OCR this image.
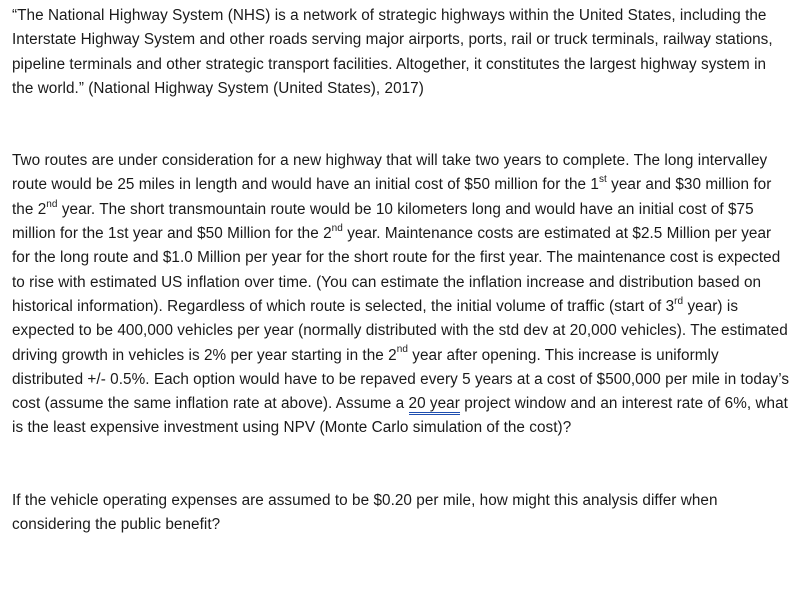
“The National Highway System (NHS) is a network of strategic highways within the United States, including the Interstate Highway System and other roads serving major airports, ports, rail or truck terminals, railway stations, pipeline terminals and other strategic transport facilities. Altogether, it constitutes the largest highway system in the world.” (National Highway System (United States), 2017)

Two routes are under consideration for a new highway that will take two years to complete. The long intervalley route would be 25 miles in length and would have an initial cost of $50 million for the 1st year and $30 million for the 2nd year. The short transmountain route would be 10 kilometers long and would have an initial cost of $75 million for the 1st year and $50 Million for the 2nd year. Maintenance costs are estimated at $2.5 Million per year for the long route and $1.0 Million per year for the short route for the first year. The maintenance cost is expected to rise with estimated US inflation over time. (You can estimate the inflation increase and distribution based on historical information). Regardless of which route is selected, the initial volume of traffic (start of 3rd year) is expected to be 400,000 vehicles per year (normally distributed with the std dev at 20,000 vehicles). The estimated driving growth in vehicles is 2% per year starting in the 2nd year after opening. This increase is uniformly distributed +/- 0.5%. Each option would have to be repaved every 5 years at a cost of $500,000 per mile in today’s cost (assume the same inflation rate at above). Assume a 20 year project window and an interest rate of 6%, what is the least expensive investment using NPV (Monte Carlo simulation of the cost)?

If the vehicle operating expenses are assumed to be $0.20 per mile, how might this analysis differ when considering the public benefit?
